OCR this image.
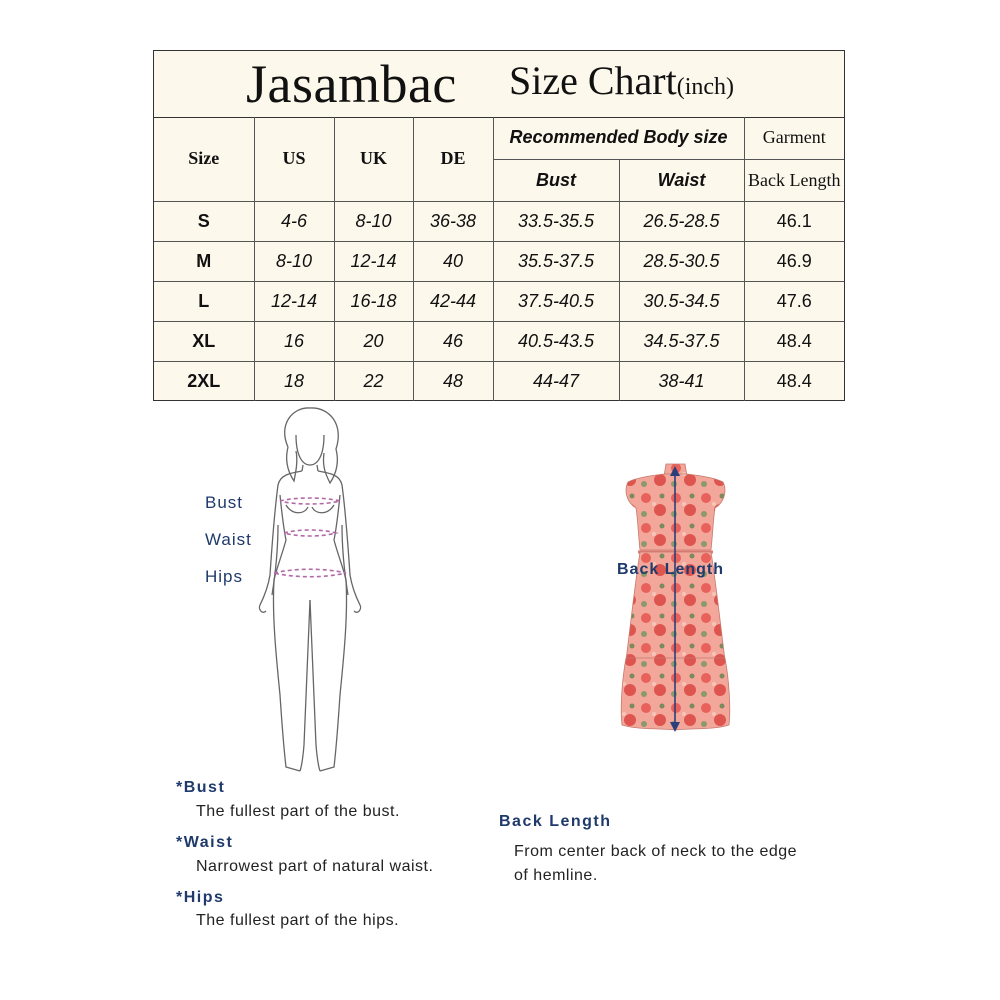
Jasambac Size Chart(inch)
Size	US	UK	DE	Recommended Body size		Garment
				Bust	Waist	Back Length
S	4-6	8-10	36-38	33.5-35.5	26.5-28.5	46.1
M	8-10	12-14	40	35.5-37.5	28.5-30.5	46.9
L	12-14	16-18	42-44	37.5-40.5	30.5-34.5	47.6
XL	16	20	46	40.5-43.5	34.5-37.5	48.4
2XL	18	22	48	44-47	38-41	48.4
Bust
Waist
Hips	Back Length
*Bust
The fullest part of the bust.
*Waist
Narrowest part of natural waist.
*Hips
The fullest part of the hips.
Back Length
From center back of neck to the edge
of hemline.
